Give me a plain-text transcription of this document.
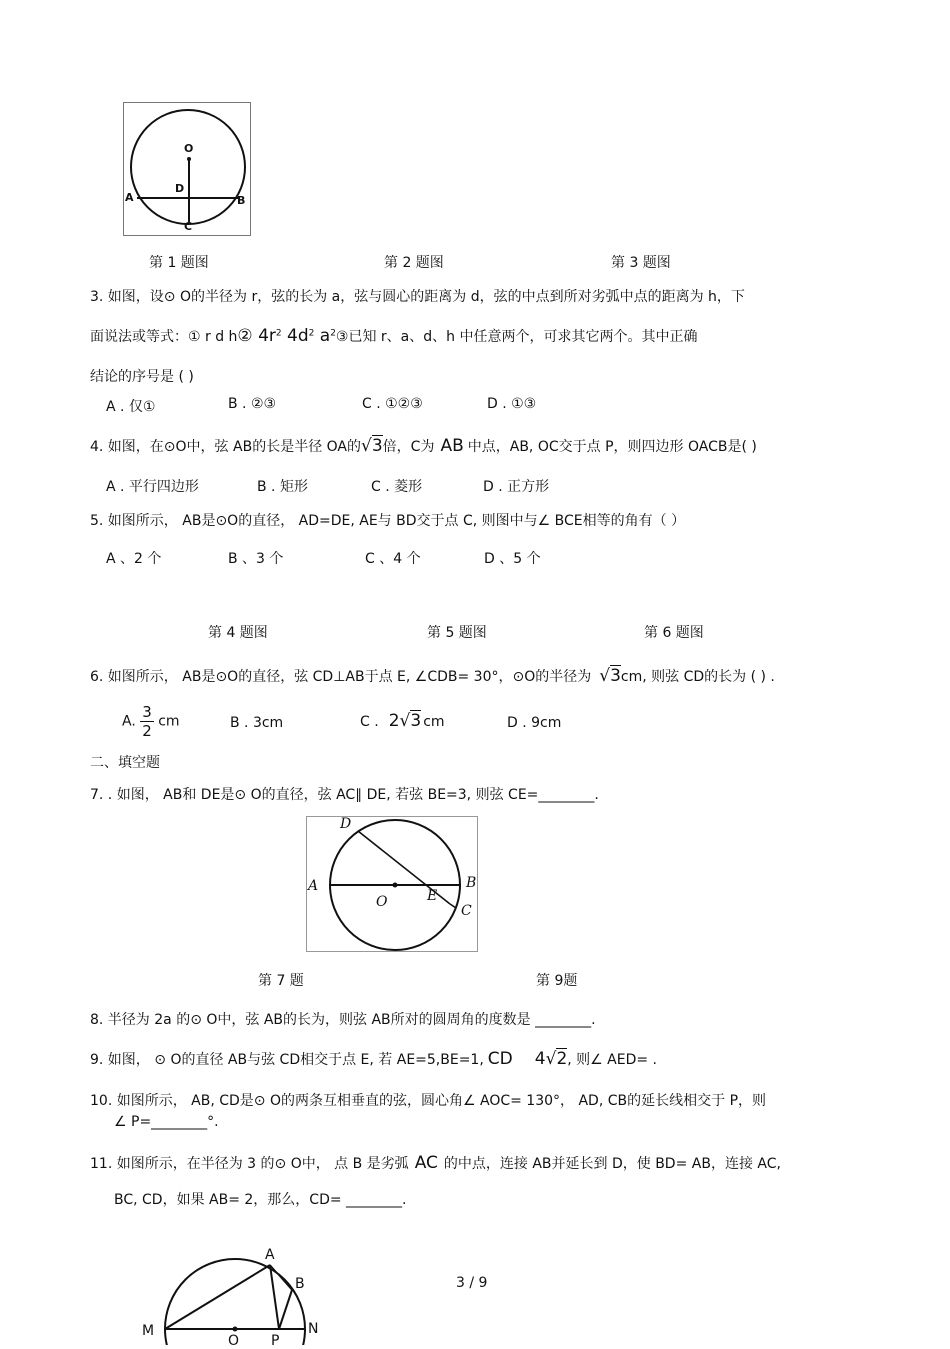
O
D
A	B
C
第 1 题图	第 2 题图	第 3 题图
3. 如图，设⊙ O的半径为 r，弦的长为 a，弦与圆心的距离为 d，弦的中点到所对劣弧中点的距离为 h，下
面说法或等式：① r d h② $4r^2$ $4d^2$ $a^2③$已知 r、a、d、h 中任意两个，可求其它两个。其中正确
结论的序号是 ( )
A . 仅①	B . ②③	C . ①②③	D . ①③
4. 如图，在⊙O中，弦 AB的长是半径 OA的√3倍，C为 AB 中点，AB, OC交于点 P，则四边形 OACB是( )
A . 平行四边形	B . 矩形	C . 菱形	D . 正方形
5. 如图所示， AB是⊙O的直径， AD=DE, AE与 BD交于点 C, 则图中与∠ BCE相等的角有（ ）
A 、2 个	B 、3 个	C 、4 个	D 、5 个
第 4 题图	第 5 题图	第 6 题图
6. 如图所示， AB是⊙O的直径，弦 CD⊥AB于点 E, ∠CDB= 30°，⊙O的半径为 √3cm, 则弦 CD的长为 ( ) .
A. $\frac{3}{2}$ cm	B . 3cm	C . 2√3 cm	D . 9cm
二、填空题
7. . 如图， AB和 DE是⊙ O的直径，弦 AC∥ DE, 若弦 BE=3, 则弦 CE=________.
D
A	B
O	E
C
第 7 题	第 9题
8. 半径为 2a 的⊙ O中，弦 AB的长为，则弦 AB所对的圆周角的度数是 ________.
9. 如图， ⊙ O的直径 AB与弦 CD相交于点 E, 若 AE=5,BE=1, CD 4√2, 则∠ AED= .
10. 如图所示， AB, CD是⊙ O的两条互相垂直的弦，圆心角∠ AOC= 130°， AD, CB的延长线相交于 P，则
∠ P=________°.
11. 如图所示，在半径为 3 的⊙ O中， 点 B 是劣弧 AC 的中点，连接 AB并延长到 D，使 BD= AB，连接 AC,
BC, CD，如果 AB= 2，那么，CD= ________.
A
B
M
O P
N
3 / 9
